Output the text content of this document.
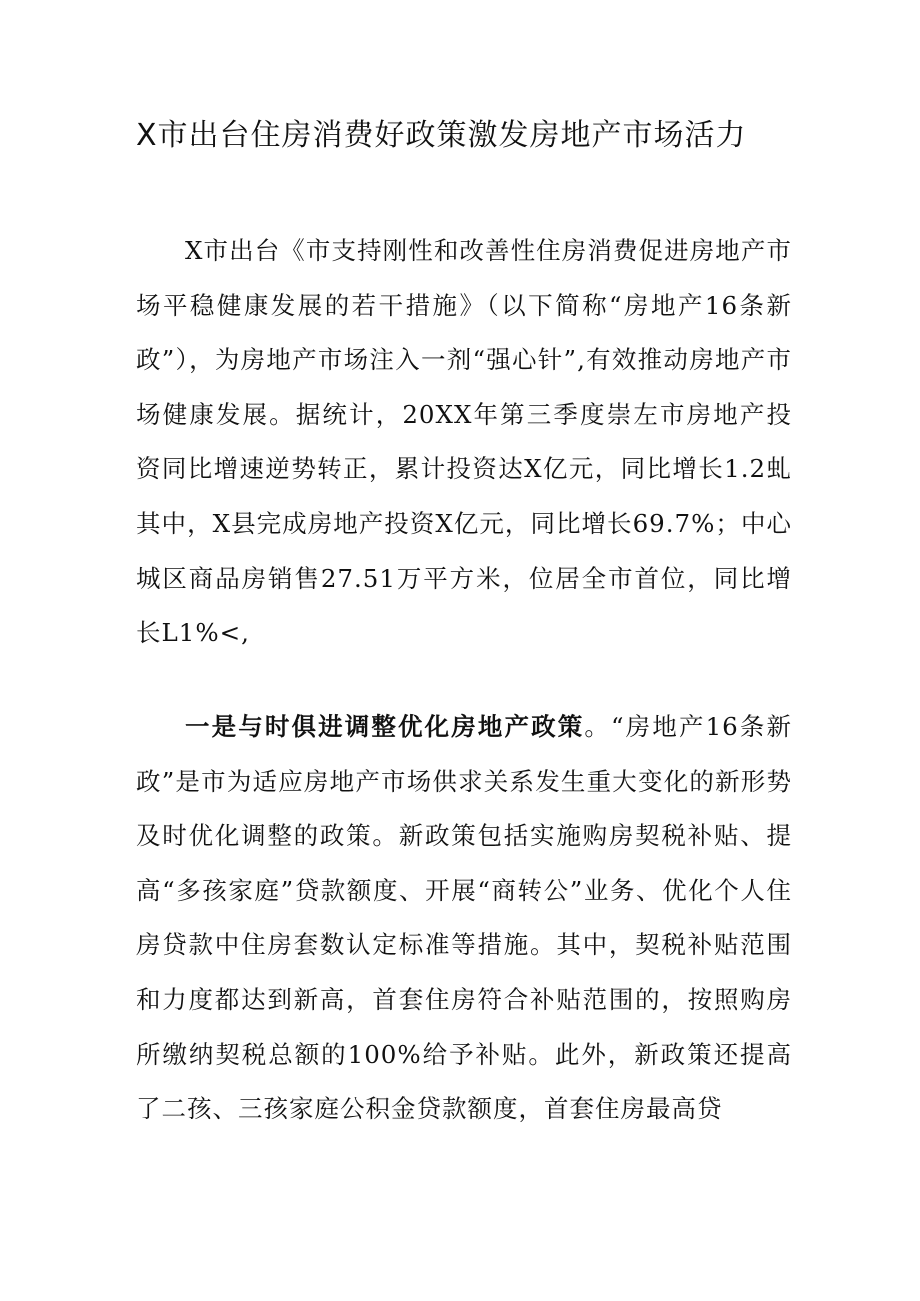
X市出台住房消费好政策激发房地产市场活力

X市出台《市支持刚性和改善性住房消费促进房地产市场平稳健康发展的若干措施》（以下简称“房地产16条新政”），为房地产市场注入一剂“强心针”,有效推动房地产市场健康发展。据统计，20XX年第三季度崇左市房地产投资同比增速逆势转正，累计投资达X亿元，同比增长1.2虬其中，X县完成房地产投资X亿元，同比增长69.7%；中心城区商品房销售27.51万平方米，位居全市首位，同比增长L1%<,

一是与时俱进调整优化房地产政策。“房地产16条新政”是市为适应房地产市场供求关系发生重大变化的新形势及时优化调整的政策。新政策包括实施购房契税补贴、提高“多孩家庭”贷款额度、开展“商转公”业务、优化个人住房贷款中住房套数认定标准等措施。其中，契税补贴范围和力度都达到新高，首套住房符合补贴范围的，按照购房所缴纳契税总额的100%给予补贴。此外，新政策还提高了二孩、三孩家庭公积金贷款额度，首套住房最高贷
